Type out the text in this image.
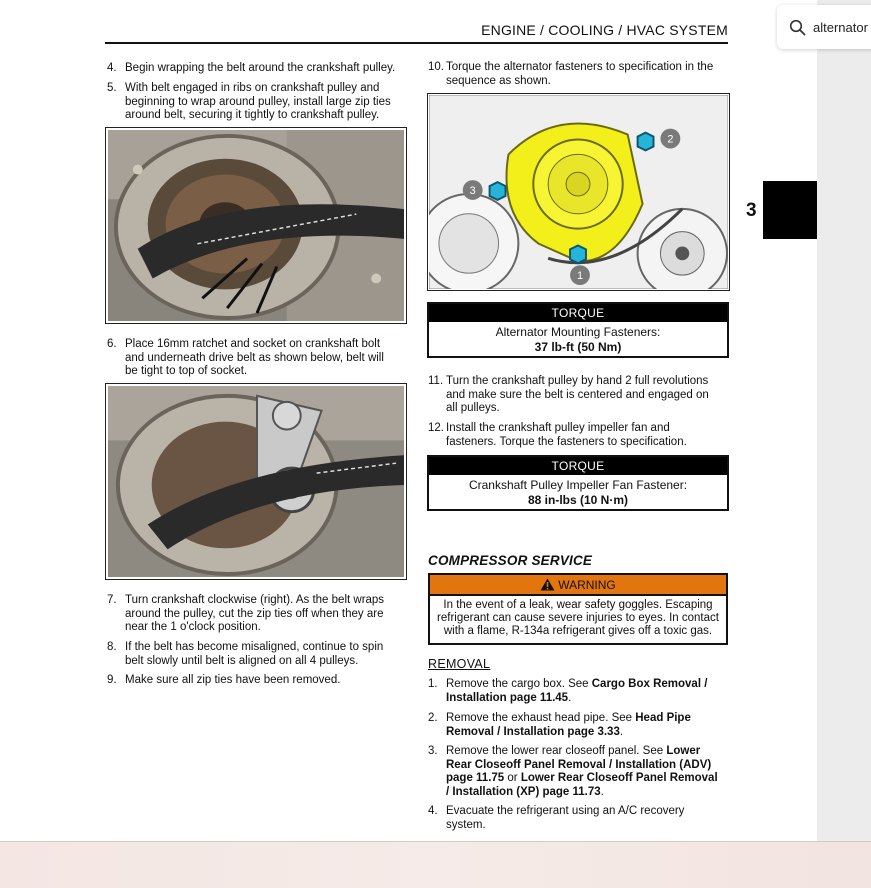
ENGINE / COOLING / HVAC SYSTEM
4. Begin wrapping the belt around the crankshaft pulley.
5. With belt engaged in ribs on crankshaft pulley and
beginning to wrap around pulley, install large zip ties
around belt, securing it tightly to crankshaft pulley.
6. Place 16mm ratchet and socket on crankshaft bolt
and underneath drive belt as shown below, belt will
be tight to top of socket.
7. Turn crankshaft clockwise (right). As the belt wraps
around the pulley, cut the zip ties off when they are
near the 1 o'clock position.
8. If the belt has become misaligned, continue to spin
belt slowly until belt is aligned on all 4 pulleys.
9. Make sure all zip ties have been removed.
10. Torque the alternator fasteners to specification in the
sequence as shown.
2
3
1
TORQUE
Alternator Mounting Fasteners:
37 lb-ft (50 Nm)
11. Turn the crankshaft pulley by hand 2 full revolutions
and make sure the belt is centered and engaged on
all pulleys.
12. Install the crankshaft pulley impeller fan and
fasteners. Torque the fasteners to specification.
TORQUE
Crankshaft Pulley Impeller Fan Fastener:
88 in-lbs (10 N·m)
COMPRESSOR SERVICE
WARNING
In the event of a leak, wear safety goggles. Escaping
refrigerant can cause severe injuries to eyes. In contact
with a flame, R-134a refrigerant gives off a toxic gas.
REMOVAL
1. Remove the cargo box. See Cargo Box Removal /
Installation page 11.45.
2. Remove the exhaust head pipe. See Head Pipe
Removal / Installation page 3.33.
3. Remove the lower rear closeoff panel. See Lower
Rear Closeoff Panel Removal / Installation (ADV)
page 11.75 or Lower Rear Closeoff Panel Removal
/ Installation (XP) page 11.73.
4. Evacuate the refrigerant using an A/C recovery
system.
3
alternator
